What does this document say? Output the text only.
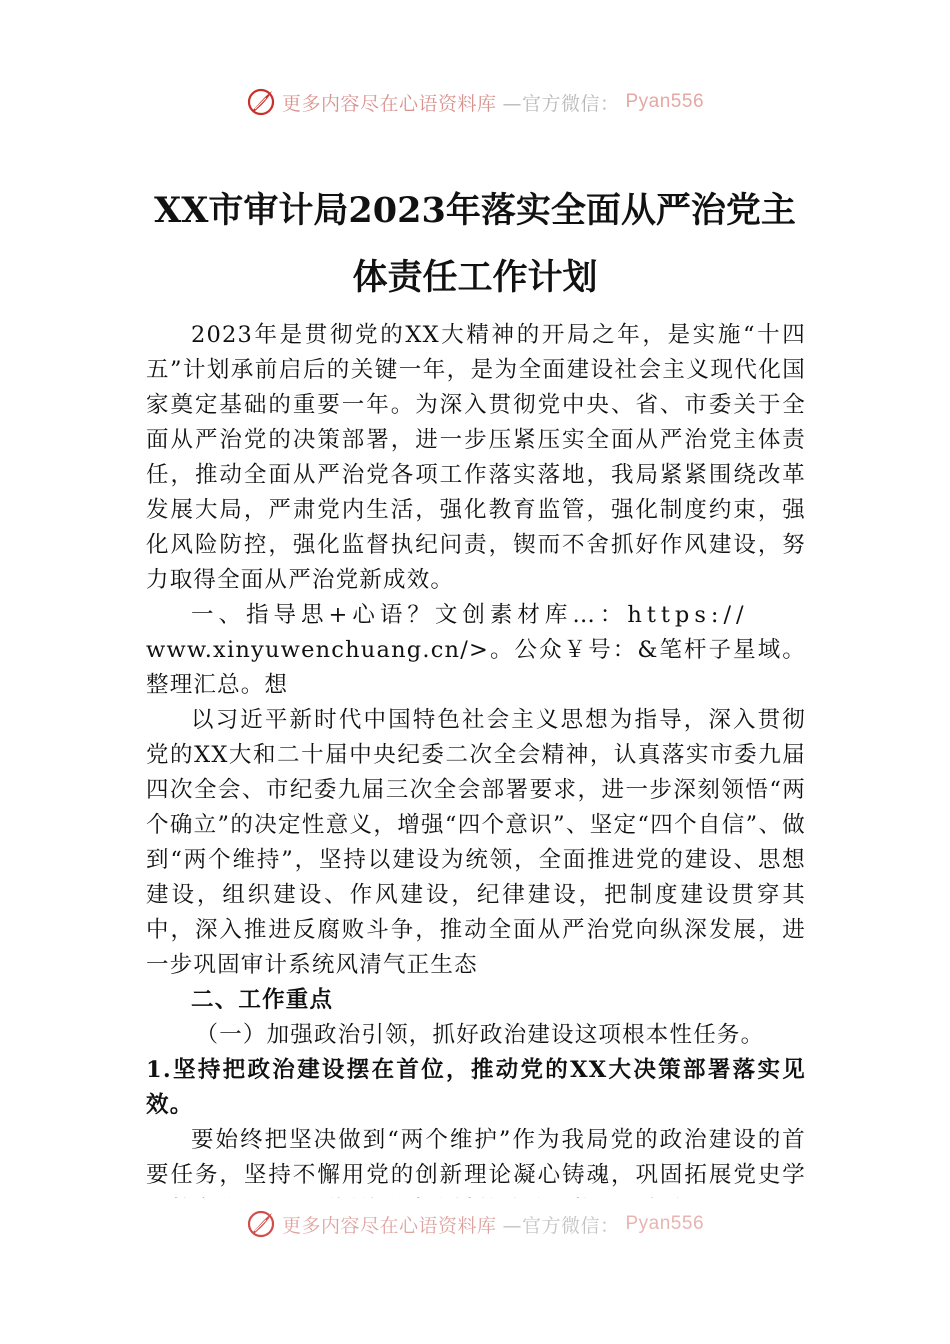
更多内容尽在心语资料库 —官方微信： Pyan556
XX市审计局2023年落实全面从严治党主
体责任工作计划

2023年是贯彻党的XX大精神的开局之年，是实施“十四五”计划承前启后的关键一年，是为全面建设社会主义现代化国家奠定基础的重要一年。为深入贯彻党中央、省、市委关于全面从严治党的决策部署，进一步压紧压实全面从严治党主体责任，推动全面从严治党各项工作落实落地，我局紧紧围绕改革发展大局，严肃党内生活，强化教育监管，强化制度约束，强化风险防控，强化监督执纪问责，锲而不舍抓好作风建设，努力取得全面从严治党新成效。

一、指导思+心语？文创素材库…：https://

www.xinyuwenchuang.cn/>。公众￥号：&笔杆子星域。整理汇总。想

以习近平新时代中国特色社会主义思想为指导，深入贯彻党的XX大和二十届中央纪委二次全会精神，认真落实市委九届四次全会、市纪委九届三次全会部署要求，进一步深刻领悟“两个确立”的决定性意义，增强“四个意识”、坚定“四个自信”、做到“两个维持”，坚持以建设为统领，全面推进党的建设、思想建设，组织建设、作风建设，纪律建设，把制度建设贯穿其中，深入推进反腐败斗争，推动全面从严治党向纵深发展，进一步巩固审计系统风清气正生态

二、工作重点

（一）加强政治引领，抓好政治建设这项根本性任务。

1.坚持把政治建设摆在首位，推动党的XX大决策部署落实见效。

要始终把坚决做到“两个维护”作为我局党的政治建设的首要任务，坚持不懈用党的创新理论凝心铸魂，巩固拓展党史学

更多内容尽在心语资料库 —官方微信： Pyan556
